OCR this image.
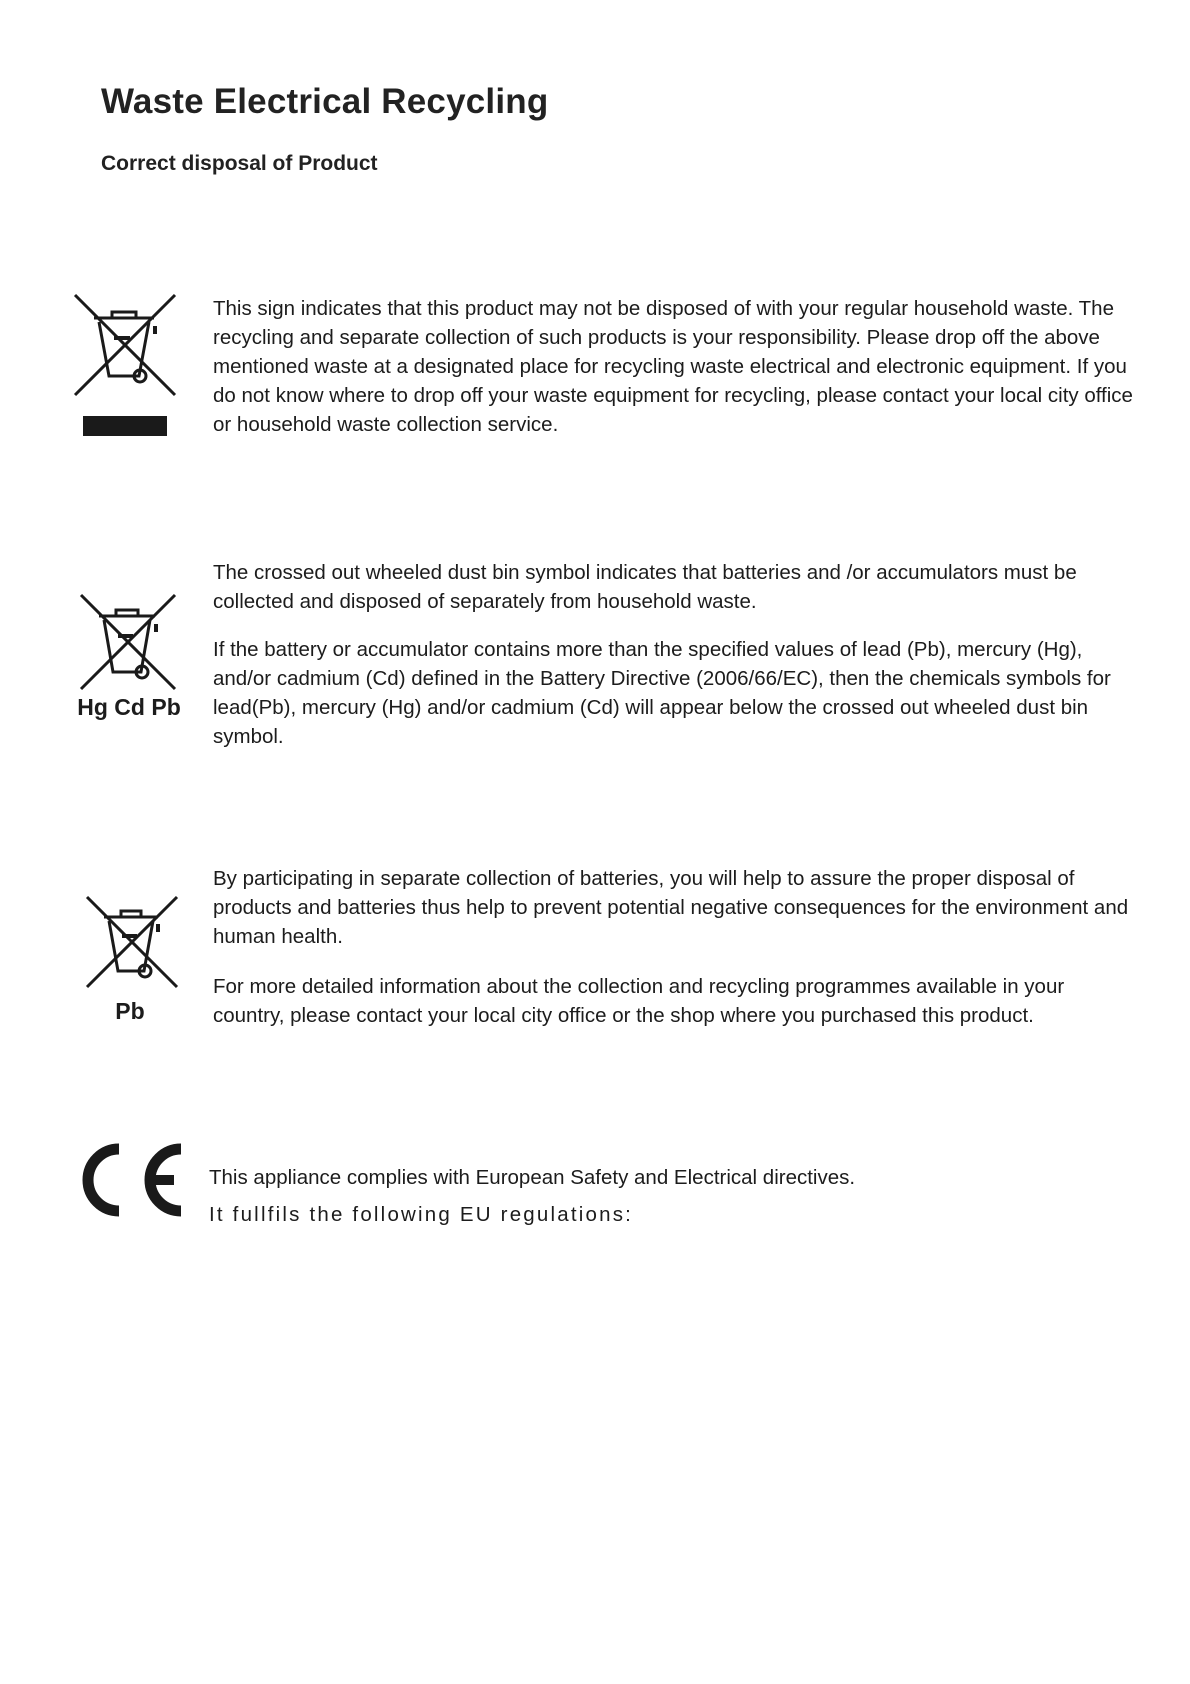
Waste Electrical Recycling
Correct disposal of Product

This sign indicates that this product may not be disposed of with your regular household waste. The recycling and separate collection of such products is your responsibility. Please drop off the above mentioned waste at a designated place for recycling waste electrical and electronic equipment. If you do not know where to drop off your waste equipment for recycling, please contact your local city office or household waste collection service.

Hg Cd Pb

The crossed out wheeled dust bin symbol indicates that batteries and /or accumulators must be collected and disposed of separately from household waste.

If the battery or accumulator contains more than the specified values of lead (Pb), mercury (Hg), and/or cadmium (Cd) defined in the Battery Directive (2006/66/EC), then the chemicals symbols for lead(Pb), mercury (Hg) and/or cadmium (Cd) will appear below the crossed out wheeled dust bin symbol.

Pb

By participating in separate collection of batteries, you will help to assure the proper disposal of products and batteries thus help to prevent potential negative consequences for the environment and human health.

For more detailed information about the collection and recycling programmes available in your country, please contact your local city office or the shop where you purchased this product.

This appliance complies with European Safety and Electrical directives.

It fullfils the following EU regulations:
